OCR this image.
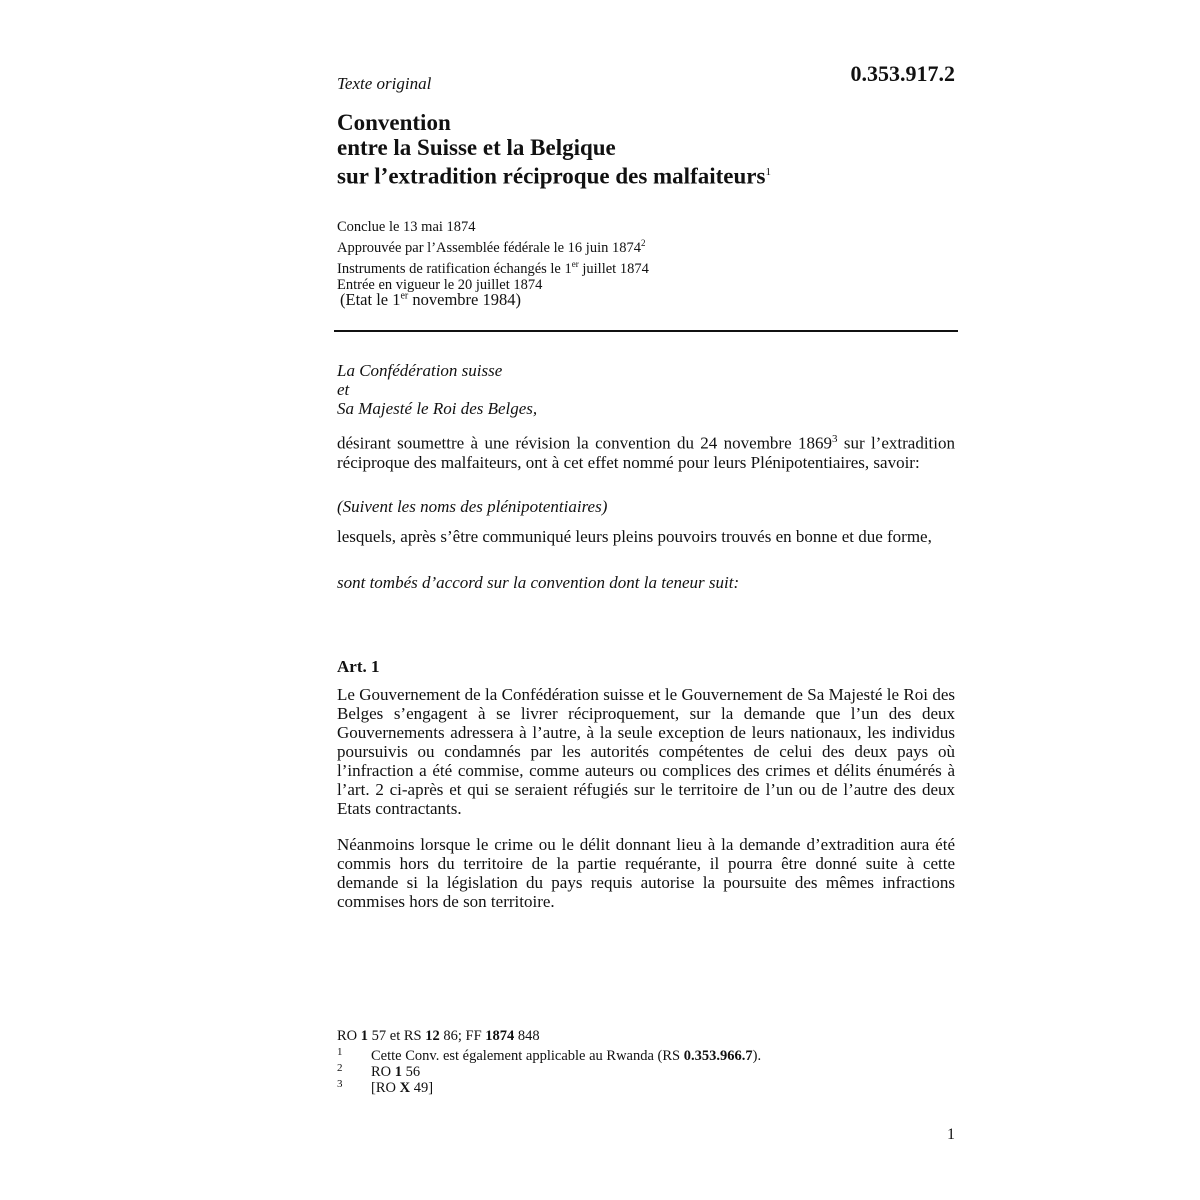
Texte original	0.353.917.2
Convention
entre la Suisse et la Belgique
sur l’extradition réciproque des malfaiteurs$^1$
Conclue le 13 mai 1874
Approuvée par l’Assemblée fédérale le 16 juin 1874$^2$
Instruments de ratification échangés le 1er juillet 1874
Entrée en vigueur le 20 juillet 1874
(Etat le 1er novembre 1984)
La Confédération suisse
et
Sa Majesté le Roi des Belges,
désirant soumettre à une révision la convention du 24 novembre 1869$^3$ sur l’extradition réciproque des malfaiteurs, ont à cet effet nommé pour leurs Plénipotentiaires, savoir:
(Suivent les noms des plénipotentiaires)
lesquels, après s’être communiqué leurs pleins pouvoirs trouvés en bonne et due forme,
sont tombés d’accord sur la convention dont la teneur suit:
Art. 1
Le Gouvernement de la Confédération suisse et le Gouvernement de Sa Majesté le Roi des Belges s’engagent à se livrer réciproquement, sur la demande que l’un des deux Gouvernements adressera à l’autre, à la seule exception de leurs nationaux, les individus poursuivis ou condamnés par les autorités compétentes de celui des deux pays où l’infraction a été commise, comme auteurs ou complices des crimes et délits énumérés à l’art. 2 ci-après et qui se seraient réfugiés sur le territoire de l’un ou de l’autre des deux Etats contractants.
Néanmoins lorsque le crime ou le délit donnant lieu à la demande d’extradition aura été commis hors du territoire de la partie requérante, il pourra être donné suite à cette demande si la législation du pays requis autorise la poursuite des mêmes infractions commises hors de son territoire.
RO 1 57 et RS 12 86; FF 1874 848
1 Cette Conv. est également applicable au Rwanda (RS 0.353.966.7).
2 RO 1 56
3 [RO X 49]
1
